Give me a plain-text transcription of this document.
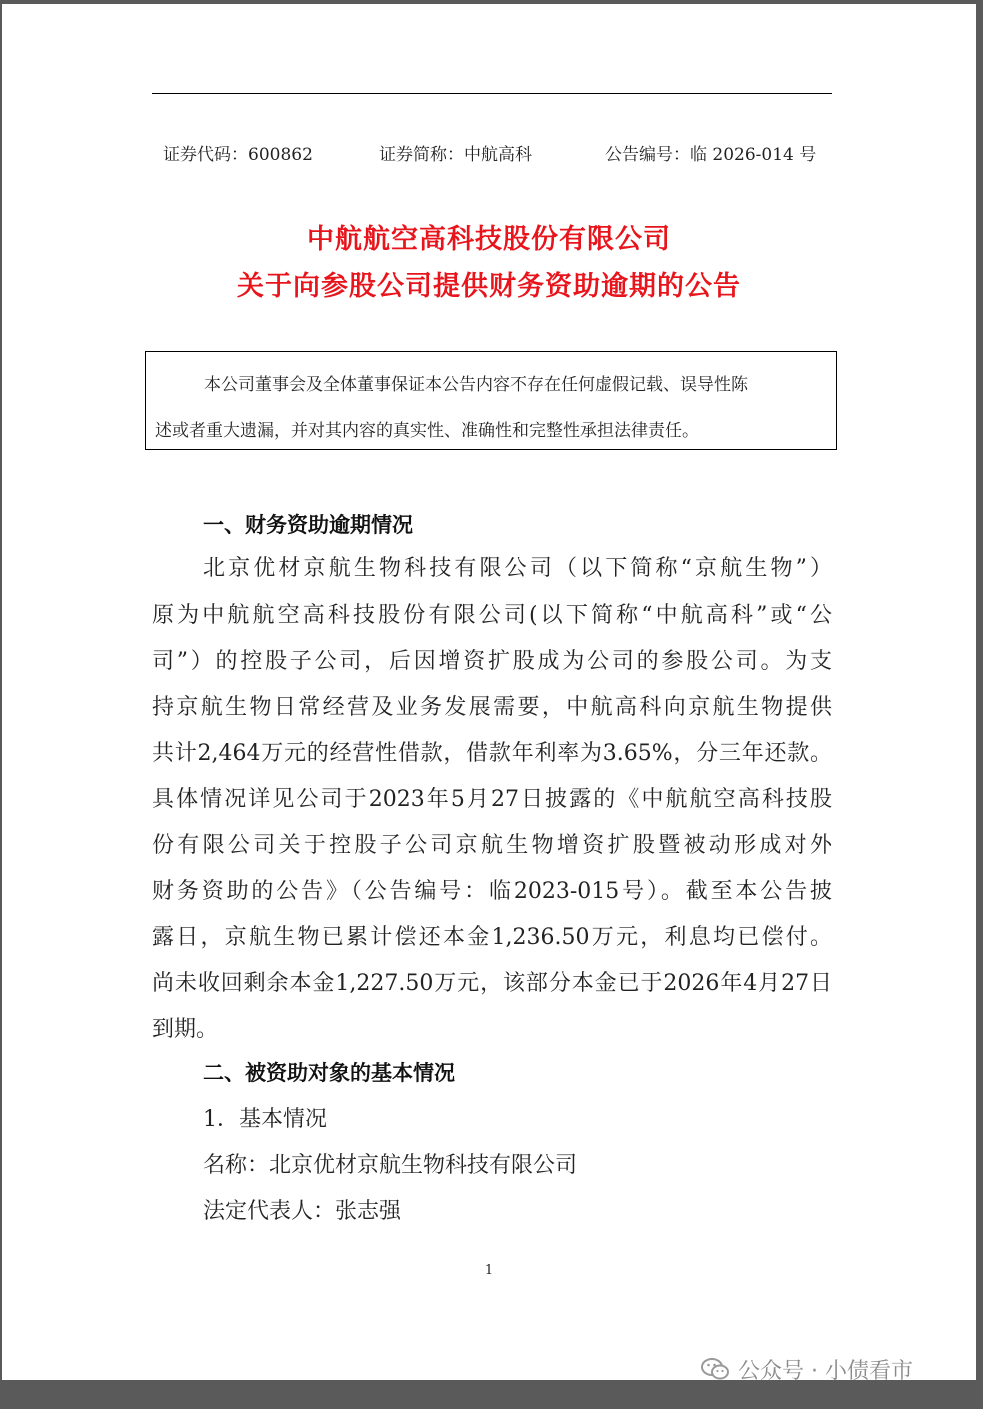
证券代码：600862	证券简称：中航高科	公告编号：临 2026-014 号
中航航空高科技股份有限公司
关于向参股公司提供财务资助逾期的公告
本公司董事会及全体董事保证本公告内容不存在任何虚假记载、误导性陈
述或者重大遗漏，并对其内容的真实性、准确性和完整性承担法律责任。
一、财务资助逾期情况
北京优材京航生物科技有限公司（以下简称“京航生物”）
原为中航航空高科技股份有限公司(以下简称“中航高科”或“公
司”）的控股子公司，后因增资扩股成为公司的参股公司。为支
持京航生物日常经营及业务发展需要，中航高科向京航生物提供
共计2,464万元的经营性借款，借款年利率为3.65%，分三年还款。
具体情况详见公司于2023年5月27日披露的《中航航空高科技股
份有限公司关于控股子公司京航生物增资扩股暨被动形成对外
财务资助的公告》（公告编号：临2023-015号）。截至本公告披
露日，京航生物已累计偿还本金1,236.50万元，利息均已偿付。
尚未收回剩余本金1,227.50万元，该部分本金已于2026年4月27日
到期。
二、被资助对象的基本情况
1．基本情况
名称：北京优材京航生物科技有限公司
法定代表人：张志强
1
公众号 · 小债看市
